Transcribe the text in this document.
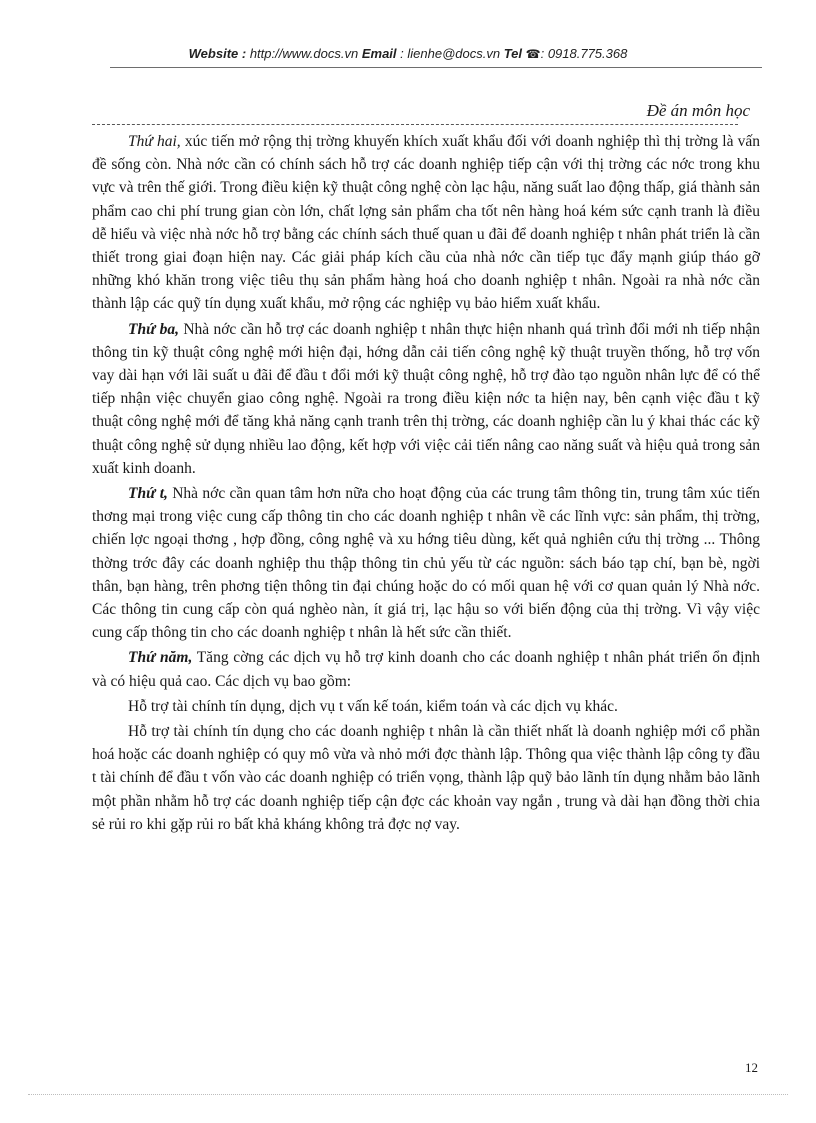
Website : http://www.docs.vn Email : lienhe@docs.vn Tel ☎: 0918.775.368
Đề án môn học

Thứ hai, xúc tiến mở rộng thị trờng khuyến khích xuất khẩu đối với doanh nghiệp thì thị trờng là vấn đề sống còn. Nhà nớc cần có chính sách hỗ trợ các doanh nghiệp tiếp cận với thị trờng các nớc trong khu vực và trên thế giới. Trong điều kiện kỹ thuật công nghệ còn lạc hậu, năng suất lao động thấp, giá thành sản phẩm cao chi phí trung gian còn lớn, chất lợng sản phẩm cha tốt nên hàng hoá kém sức cạnh tranh là điều dễ hiểu và việc nhà nớc hỗ trợ bằng các chính sách thuế quan u đãi để doanh nghiệp t nhân phát triển là cần thiết trong giai đoạn hiện nay. Các giải pháp kích cầu của nhà nớc cần tiếp tục đẩy mạnh giúp tháo gỡ những khó khăn trong việc tiêu thụ sản phẩm hàng hoá cho doanh nghiệp t nhân. Ngoài ra nhà nớc cần thành lập các quỹ tín dụng xuất khẩu, mở rộng các nghiệp vụ bảo hiểm xuất khẩu.

Thứ ba, Nhà nớc cần hỗ trợ các doanh nghiệp t nhân thực hiện nhanh quá trình đổi mới nh tiếp nhận thông tin kỹ thuật công nghệ mới hiện đại, hớng dẫn cải tiến công nghệ kỹ thuật truyền thống, hỗ trợ vốn vay dài hạn với lãi suất u đãi để đầu t đổi mới kỹ thuật công nghệ, hỗ trợ đào tạo nguồn nhân lực để có thể tiếp nhận việc chuyển giao công nghệ. Ngoài ra trong điều kiện nớc ta hiện nay, bên cạnh việc đầu t kỹ thuật công nghệ mới để tăng khả năng cạnh tranh trên thị trờng, các doanh nghiệp cần lu ý khai thác các kỹ thuật công nghệ sử dụng nhiều lao động, kết hợp với việc cải tiến nâng cao năng suất và hiệu quả trong sản xuất kinh doanh.

Thứ t, Nhà nớc cần quan tâm hơn nữa cho hoạt động của các trung tâm thông tin, trung tâm xúc tiến thơng mại trong việc cung cấp thông tin cho các doanh nghiệp t nhân về các lĩnh vực: sản phẩm, thị trờng, chiến lợc ngoại thơng , hợp đồng, công nghệ và xu hớng tiêu dùng, kết quả nghiên cứu thị trờng ... Thông thờng trớc đây các doanh nghiệp thu thập thông tin chủ yếu từ các nguồn: sách báo tạp chí, bạn bè, ngời thân, bạn hàng, trên phơng tiện thông tin đại chúng hoặc do có mối quan hệ với cơ quan quản lý Nhà nớc. Các thông tin cung cấp còn quá nghèo nàn, ít giá trị, lạc hậu so với biến động của thị trờng. Vì vậy việc cung cấp thông tin cho các doanh nghiệp t nhân là hết sức cần thiết.

Thứ năm, Tăng cờng các dịch vụ hỗ trợ kinh doanh cho các doanh nghiệp t nhân phát triển ổn định và có hiệu quả cao. Các dịch vụ bao gồm:

Hỗ trợ tài chính tín dụng, dịch vụ t vấn kế toán, kiểm toán và các dịch vụ khác.

Hỗ trợ tài chính tín dụng cho các doanh nghiệp t nhân là cần thiết nhất là doanh nghiệp mới cổ phần hoá hoặc các doanh nghiệp có quy mô vừa và nhỏ mới đợc thành lập. Thông qua việc thành lập công ty đầu t tài chính để đầu t vốn vào các doanh nghiệp có triển vọng, thành lập quỹ bảo lãnh tín dụng nhằm bảo lãnh một phần nhằm hỗ trợ các doanh nghiệp tiếp cận đợc các khoản vay ngắn , trung và dài hạn đồng thời chia sẻ rủi ro khi gặp rủi ro bất khả kháng không trả đợc nợ vay.

12
